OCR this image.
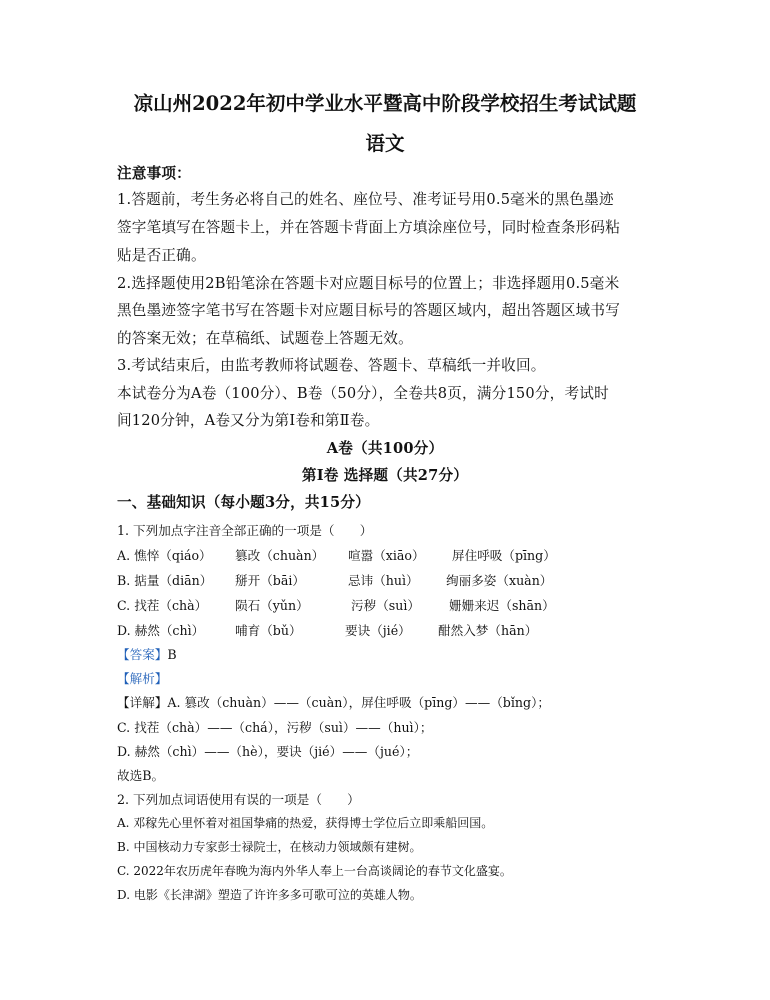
凉山州2022年初中学业水平暨高中阶段学校招生考试试题
语文
注意事项：
1.答题前，考生务必将自己的姓名、座位号、准考证号用0.5毫米的黑色墨迹
签字笔填写在答题卡上，并在答题卡背面上方填涂座位号，同时检查条形码粘
贴是否正确。
2.选择题使用2B铅笔涂在答题卡对应题目标号的位置上；非选择题用0.5毫米
黑色墨迹签字笔书写在答题卡对应题目标号的答题区域内，超出答题区域书写
的答案无效；在草稿纸、试题卷上答题无效。
3.考试结束后，由监考教师将试题卷、答题卡、草稿纸一并收回。
本试卷分为A卷（100分）、B卷（50分），全卷共8页，满分150分，考试时
间120分钟，A卷又分为第Ⅰ卷和第Ⅱ卷。
A卷（共100分）
第Ⅰ卷 选择题（共27分）
一、基础知识（每小题3分，共15分）
1. 下列加点字注音全部正确的一项是（　　）
A. 憔悴（qiáo） 篡改（chuàn） 喧嚣（xiāo） 屏住呼吸（pīng）
B. 掂量（diān） 掰开（bāi）	忌讳（huì） 绚丽多姿（xuàn）
C. 找茬（chà） 陨石（yǔn）	污秽（suì） 姗姗来迟（shān）
D. 赫然（chì） 哺育（bǔ）	要诀（jié） 酣然入梦（hān）
【答案】B
【解析】
【详解】A. 篡改（chuàn）——（cuàn），屏住呼吸（pīng）——（bǐng）；
C. 找茬（chà）——（chá），污秽（suì）——（huì）；
D. 赫然（chì）——（hè），要诀（jié）——（jué）；
故选B。
2. 下列加点词语使用有误的一项是（　　）
A. 邓稼先心里怀着对祖国挚痛的热爱，获得博士学位后立即乘船回国。
B. 中国核动力专家彭士禄院士，在核动力领域颇有建树。
C. 2022年农历虎年春晚为海内外华人奉上一台高谈阔论的春节文化盛宴。
D. 电影《长津湖》塑造了许许多多可歌可泣的英雄人物。
